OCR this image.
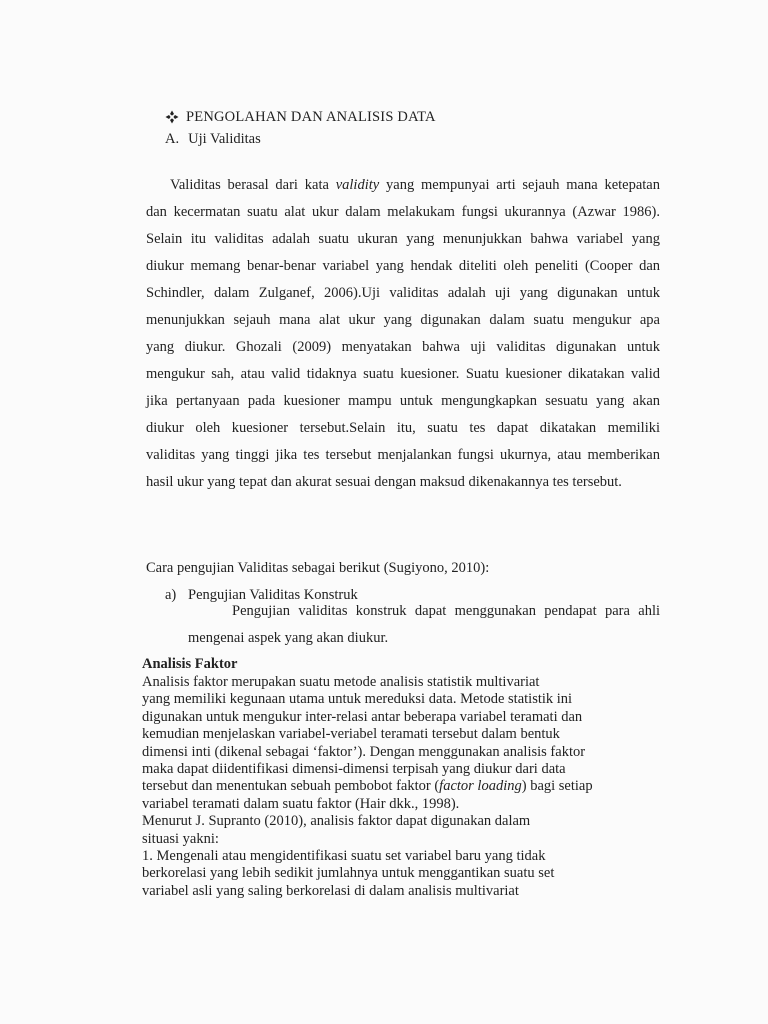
PENGOLAHAN DAN ANALISIS DATA
A. Uji Validitas
Validitas berasal dari kata validity yang mempunyai arti sejauh mana ketepatan
dan kecermatan suatu alat ukur dalam melakukam fungsi ukurannya (Azwar 1986).
Selain itu validitas adalah suatu ukuran yang menunjukkan bahwa variabel yang
diukur memang benar-benar variabel yang hendak diteliti oleh peneliti (Cooper dan
Schindler, dalam Zulganef, 2006).Uji validitas adalah uji yang digunakan untuk
menunjukkan sejauh mana alat ukur yang digunakan dalam suatu mengukur apa
yang diukur. Ghozali (2009) menyatakan bahwa uji validitas digunakan untuk
mengukur sah, atau valid tidaknya suatu kuesioner. Suatu kuesioner dikatakan valid
jika pertanyaan pada kuesioner mampu untuk mengungkapkan sesuatu yang akan
diukur oleh kuesioner tersebut.Selain itu, suatu tes dapat dikatakan memiliki
validitas yang tinggi jika tes tersebut menjalankan fungsi ukurnya, atau memberikan
hasil ukur yang tepat dan akurat sesuai dengan maksud dikenakannya tes tersebut.
Cara pengujian Validitas sebagai berikut (Sugiyono, 2010):
a) Pengujian Validitas Konstruk
Pengujian validitas konstruk dapat menggunakan pendapat para ahli
mengenai aspek yang akan diukur.
Analisis Faktor
Analisis faktor merupakan suatu metode analisis statistik multivariat
yang memiliki kegunaan utama untuk mereduksi data. Metode statistik ini
digunakan untuk mengukur inter-relasi antar beberapa variabel teramati dan
kemudian menjelaskan variabel-veriabel teramati tersebut dalam bentuk
dimensi inti (dikenal sebagai ‘faktor’). Dengan menggunakan analisis faktor
maka dapat diidentifikasi dimensi-dimensi terpisah yang diukur dari data
tersebut dan menentukan sebuah pembobot faktor (factor loading) bagi setiap
variabel teramati dalam suatu faktor (Hair dkk., 1998).
Menurut J. Supranto (2010), analisis faktor dapat digunakan dalam
situasi yakni:
1. Mengenali atau mengidentifikasi suatu set variabel baru yang tidak
berkorelasi yang lebih sedikit jumlahnya untuk menggantikan suatu set
variabel asli yang saling berkorelasi di dalam analisis multivariat
